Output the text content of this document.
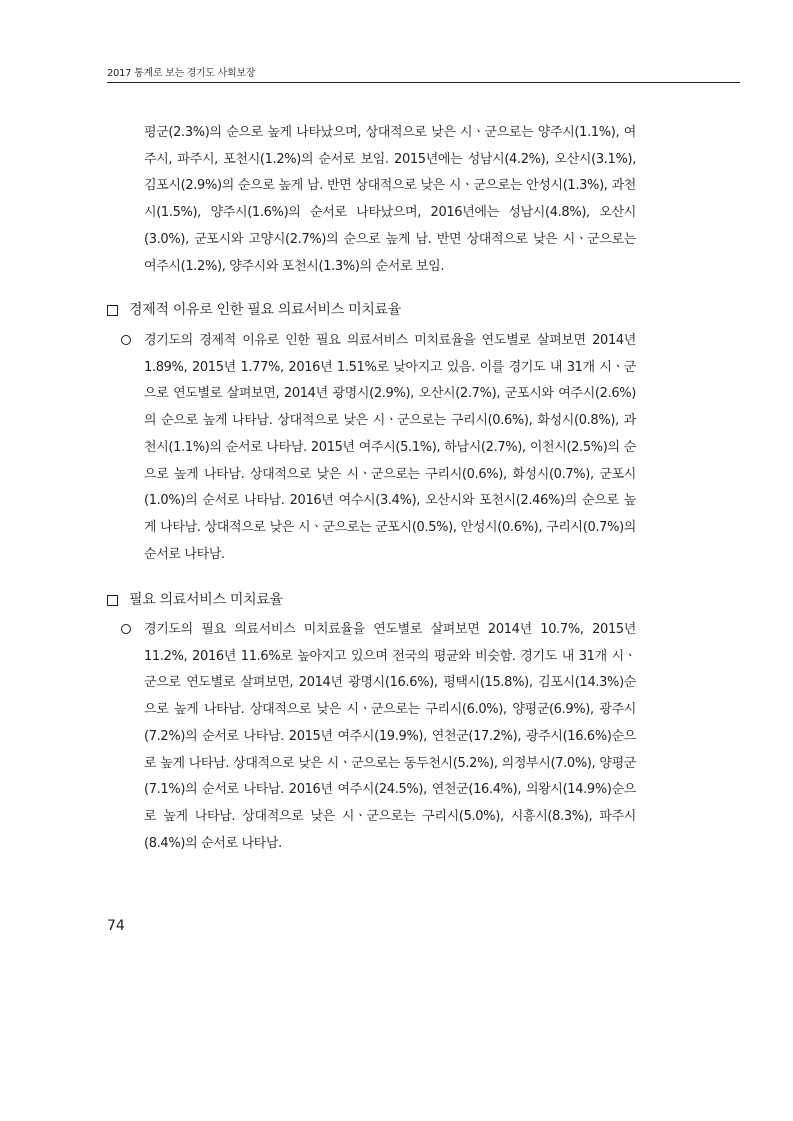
2017 통계로 보는 경기도 사회보장

평군(2.3%)의 순으로 높게 나타났으며, 상대적으로 낮은 시ㆍ군으로는 양주시(1.1%), 여주시, 파주시, 포천시(1.2%)의 순서로 보임. 2015년에는 성남시(4.2%), 오산시(3.1%), 김포시(2.9%)의 순으로 높게 남. 반면 상대적으로 낮은 시ㆍ군으로는 안성시(1.3%), 과천시(1.5%), 양주시(1.6%)의 순서로 나타났으며, 2016년에는 성남시(4.8%), 오산시(3.0%), 군포시와 고양시(2.7%)의 순으로 높게 남. 반면 상대적으로 낮은 시ㆍ군으로는 여주시(1.2%), 양주시와 포천시(1.3%)의 순서로 보임.

경제적 이유로 인한 필요 의료서비스 미치료율

경기도의 경제적 이유로 인한 필요 의료서비스 미치료율을 연도별로 살펴보면 2014년 1.89%, 2015년 1.77%, 2016년 1.51%로 낮아지고 있음. 이를 경기도 내 31개 시ㆍ군으로 연도별로 살펴보면, 2014년 광명시(2.9%), 오산시(2.7%), 군포시와 여주시(2.6%)의 순으로 높게 나타남. 상대적으로 낮은 시ㆍ군으로는 구리시(0.6%), 화성시(0.8%), 과천시(1.1%)의 순서로 나타남. 2015년 여주시(5.1%), 하남시(2.7%), 이천시(2.5%)의 순으로 높게 나타남. 상대적으로 낮은 시ㆍ군으로는 구리시(0.6%), 화성시(0.7%), 군포시(1.0%)의 순서로 나타남. 2016년 여수시(3.4%), 오산시와 포천시(2.46%)의 순으로 높게 나타남. 상대적으로 낮은 시ㆍ군으로는 군포시(0.5%), 안성시(0.6%), 구리시(0.7%)의 순서로 나타남.

필요 의료서비스 미치료율

경기도의 필요 의료서비스 미치료율을 연도별로 살펴보면 2014년 10.7%, 2015년 11.2%, 2016년 11.6%로 높아지고 있으며 전국의 평균와 비슷함. 경기도 내 31개 시ㆍ군으로 연도별로 살펴보면, 2014년 광명시(16.6%), 평택시(15.8%), 김포시(14.3%)순으로 높게 나타남. 상대적으로 낮은 시ㆍ군으로는 구리시(6.0%), 양평군(6.9%), 광주시(7.2%)의 순서로 나타남. 2015년 여주시(19.9%), 연천군(17.2%), 광주시(16.6%)순으로 높게 나타남. 상대적으로 낮은 시ㆍ군으로는 동두천시(5.2%), 의정부시(7.0%), 양평군(7.1%)의 순서로 나타남. 2016년 여주시(24.5%), 연천군(16.4%), 의왕시(14.9%)순으로 높게 나타남. 상대적으로 낮은 시ㆍ군으로는 구리시(5.0%), 시흥시(8.3%), 파주시(8.4%)의 순서로 나타남.

74
